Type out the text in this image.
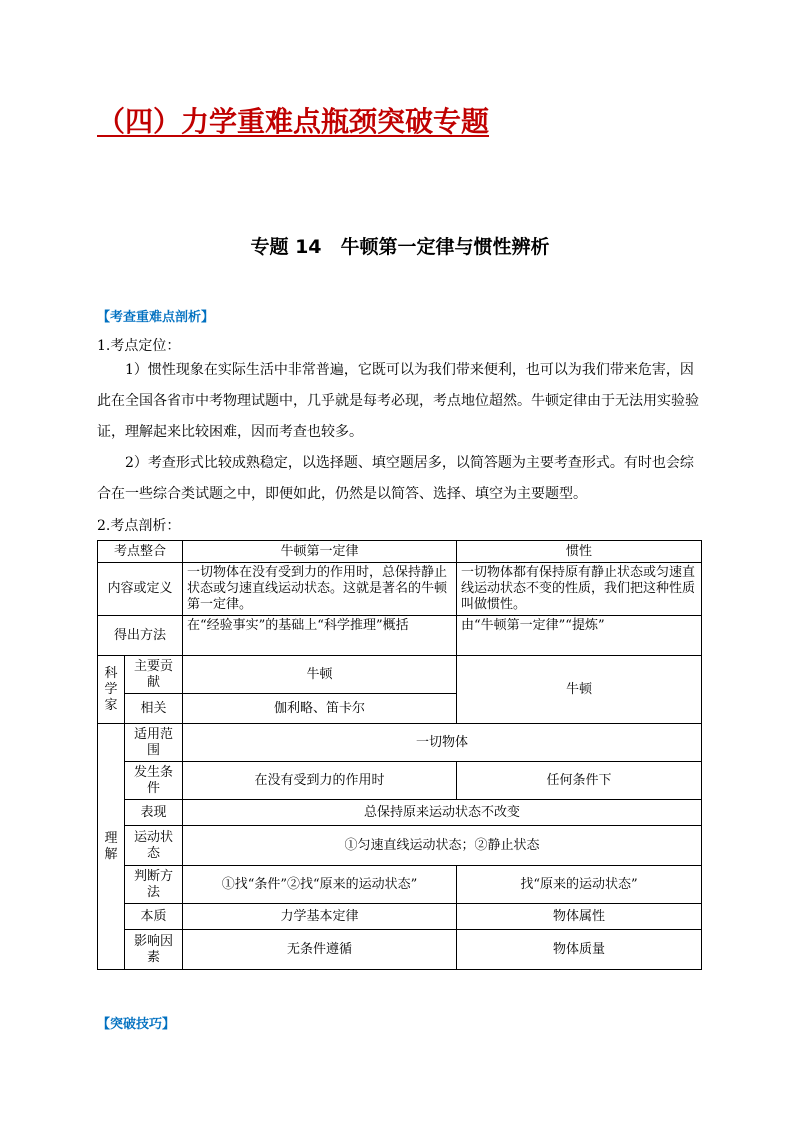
（四）力学重难点瓶颈突破专题
专题 14　牛顿第一定律与惯性辨析
【考查重难点剖析】
1.考点定位：
1）惯性现象在实际生活中非常普遍，它既可以为我们带来便利，也可以为我们带来危害，因此在全国各省市中考物理试题中，几乎就是每考必现，考点地位超然。牛顿定律由于无法用实验验证，理解起来比较困难，因而考查也较多。
2）考查形式比较成熟稳定，以选择题、填空题居多，以简答题为主要考查形式。有时也会综合在一些综合类试题之中，即便如此，仍然是以简答、选择、填空为主要题型。
2.考点剖析：
考点整合		牛顿第一定律	惯性
内容或定义		一切物体在没有受到力的作用时，总保持静止状态或匀速直线运动状态。这就是著名的牛顿第一定律。	一切物体都有保持原有静止状态或匀速直线运动状态不变的性质，我们把这种性质叫做惯性。
得出方法		在“经验事实”的基础上“科学推理”概括	由“牛顿第一定律”“提炼”
科学家	主要贡献	牛顿	牛顿
	相关	伽利略、笛卡尔	
理解	适用范围	一切物体	
	发生条件	在没有受到力的作用时	任何条件下
	表现	总保持原来运动状态不改变	
	运动状态	①匀速直线运动状态；②静止状态	
	判断方法	①找“条件”②找“原来的运动状态”	找“原来的运动状态”
	本质	力学基本定律	物体属性
	影响因素	无条件遵循	物体质量
【突破技巧】
